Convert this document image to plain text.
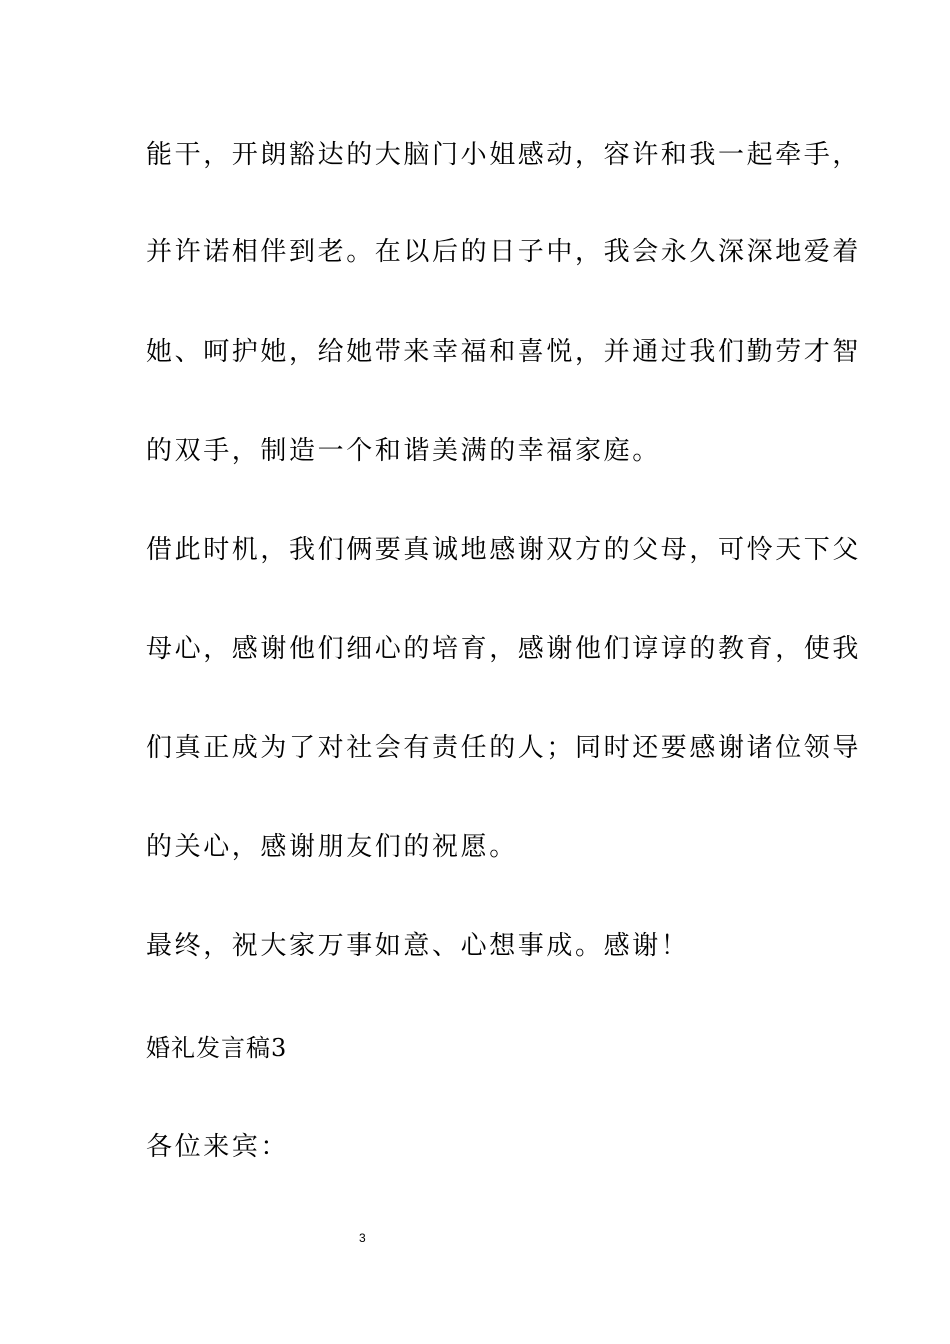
能干，开朗豁达的大脑门小姐感动，容许和我一起牵手，
并许诺相伴到老。在以后的日子中，我会永久深深地爱着
她、呵护她，给她带来幸福和喜悦，并通过我们勤劳才智
的双手，制造一个和谐美满的幸福家庭。
借此时机，我们俩要真诚地感谢双方的父母，可怜天下父
母心，感谢他们细心的培育，感谢他们谆谆的教育，使我
们真正成为了对社会有责任的人；同时还要感谢诸位领导
的关心，感谢朋友们的祝愿。
最终，祝大家万事如意、心想事成。感谢！
婚礼发言稿3
各位来宾：
3
